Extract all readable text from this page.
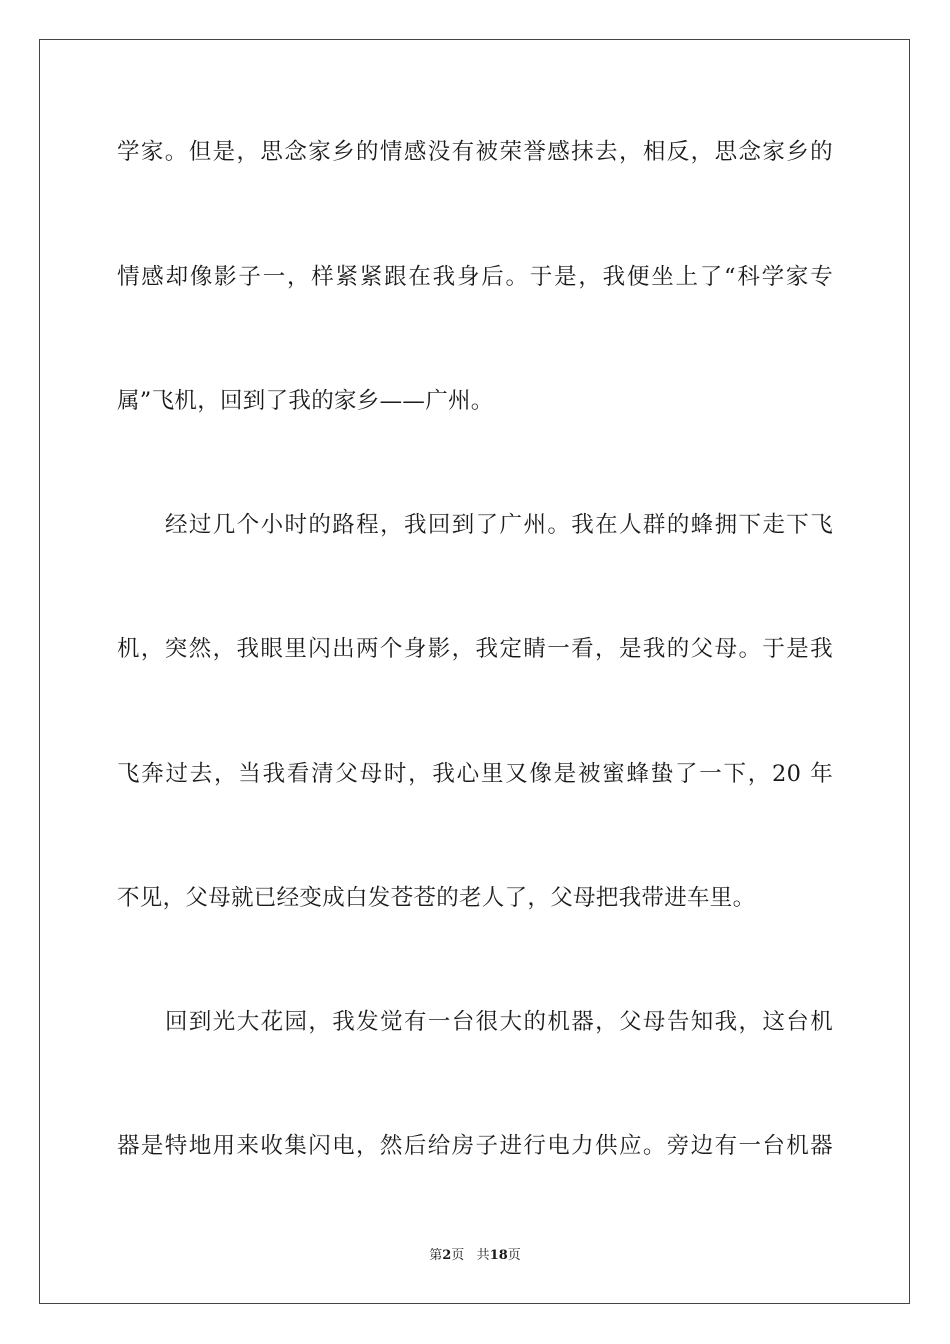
学家。但是，思念家乡的情感没有被荣誉感抹去，相反，思念家乡的
情感却像影子一，样紧紧跟在我身后。于是，我便坐上了“科学家专
属”飞机，回到了我的家乡——广州。
经过几个小时的路程，我回到了广州。我在人群的蜂拥下走下飞
机，突然，我眼里闪出两个身影，我定睛一看，是我的父母。于是我
飞奔过去，当我看清父母时，我心里又像是被蜜蜂蛰了一下，20 年
不见，父母就已经变成白发苍苍的老人了，父母把我带进车里。
回到光大花园，我发觉有一台很大的机器，父母告知我，这台机
器是特地用来收集闪电，然后给房子进行电力供应。旁边有一台机器
第2页 共18页
